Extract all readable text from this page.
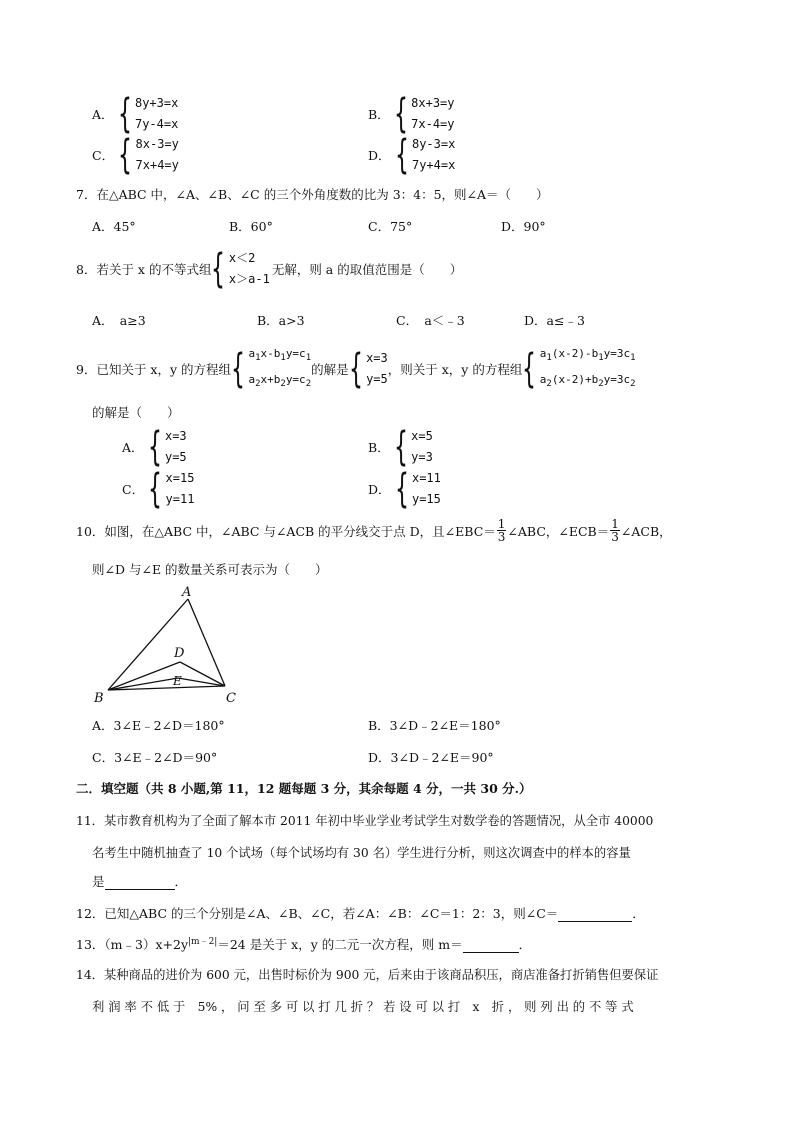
A． { 8y+3=x
7y-4=x
B． { 8x+3=y
7x-4=y
C． { 8x-3=y
7x+4=y
D． { 8y-3=x
7y+4=x
7．在△ABC 中，∠A、∠B、∠C 的三个外角度数的比为 3：4：5，则∠A＝（　　）
A．45°	B．60°	C．75°	D．90°
8．若关于 x 的不等式组 { x＜2
x＞a-1
无解，则 a 的取值范围是（　　）
A．　a≥3	B．a>3	C．　a＜﹣3	D．a≤﹣3
9．已知关于 x，y 的方程组 { $a_1x-b_1y=c_1$
$a_2x+b_2y=c_2$
的解是 { x=3
y=5
，则关于 x，y 的方程组 { $a_1(x-2)-b_1y=3c_1$
$a_2(x-2)+b_2y=3c_2$
的解是（　　）
A． { x=3
y=5
B． { x=5
y=3
C． { x=15
y=11
D． { x=11
y=15
10．如图，在△ABC 中，∠ABC 与∠ACB 的平分线交于点 D，且∠EBC＝ $\frac{1}{3}$ ∠ABC，∠ECB＝ $\frac{1}{3}$ ∠ACB，
则∠D 与∠E 的数量关系可表示为（　　）
A
B	C
D
E
A．3∠E﹣2∠D＝180°	B．3∠D﹣2∠E＝180°
C．3∠E﹣2∠D＝90°	D．3∠D﹣2∠E＝90°
二．填空题（共 8 小题,第 11，12 题每题 3 分，其余每题 4 分，一共 30 分.）
11．某市教育机构为了全面了解本市 2011 年初中毕业学业考试学生对数学卷的答题情况，从全市 40000
名考生中随机抽查了 10 个试场（每个试场均有 30 名）学生进行分析，则这次调查中的样本的容量
是	．
12．已知△ABC 的三个分别是∠A、∠B、∠C，若∠A：∠B：∠C＝1：2：3，则∠C＝	．
13．$(m﹣3)x+2y^{|m﹣2|}=24$ 是关于 x，y 的二元一次方程，则 m＝	．
14．某种商品的进价为 600 元，出售时标价为 900 元，后来由于该商品积压，商店准备打折销售但要保证
利 润 率 不 低 于　5% ， 问 至 多 可 以 打 几 折 ？ 若 设 可 以 打　x　折 ， 则 列 出 的 不 等 式
